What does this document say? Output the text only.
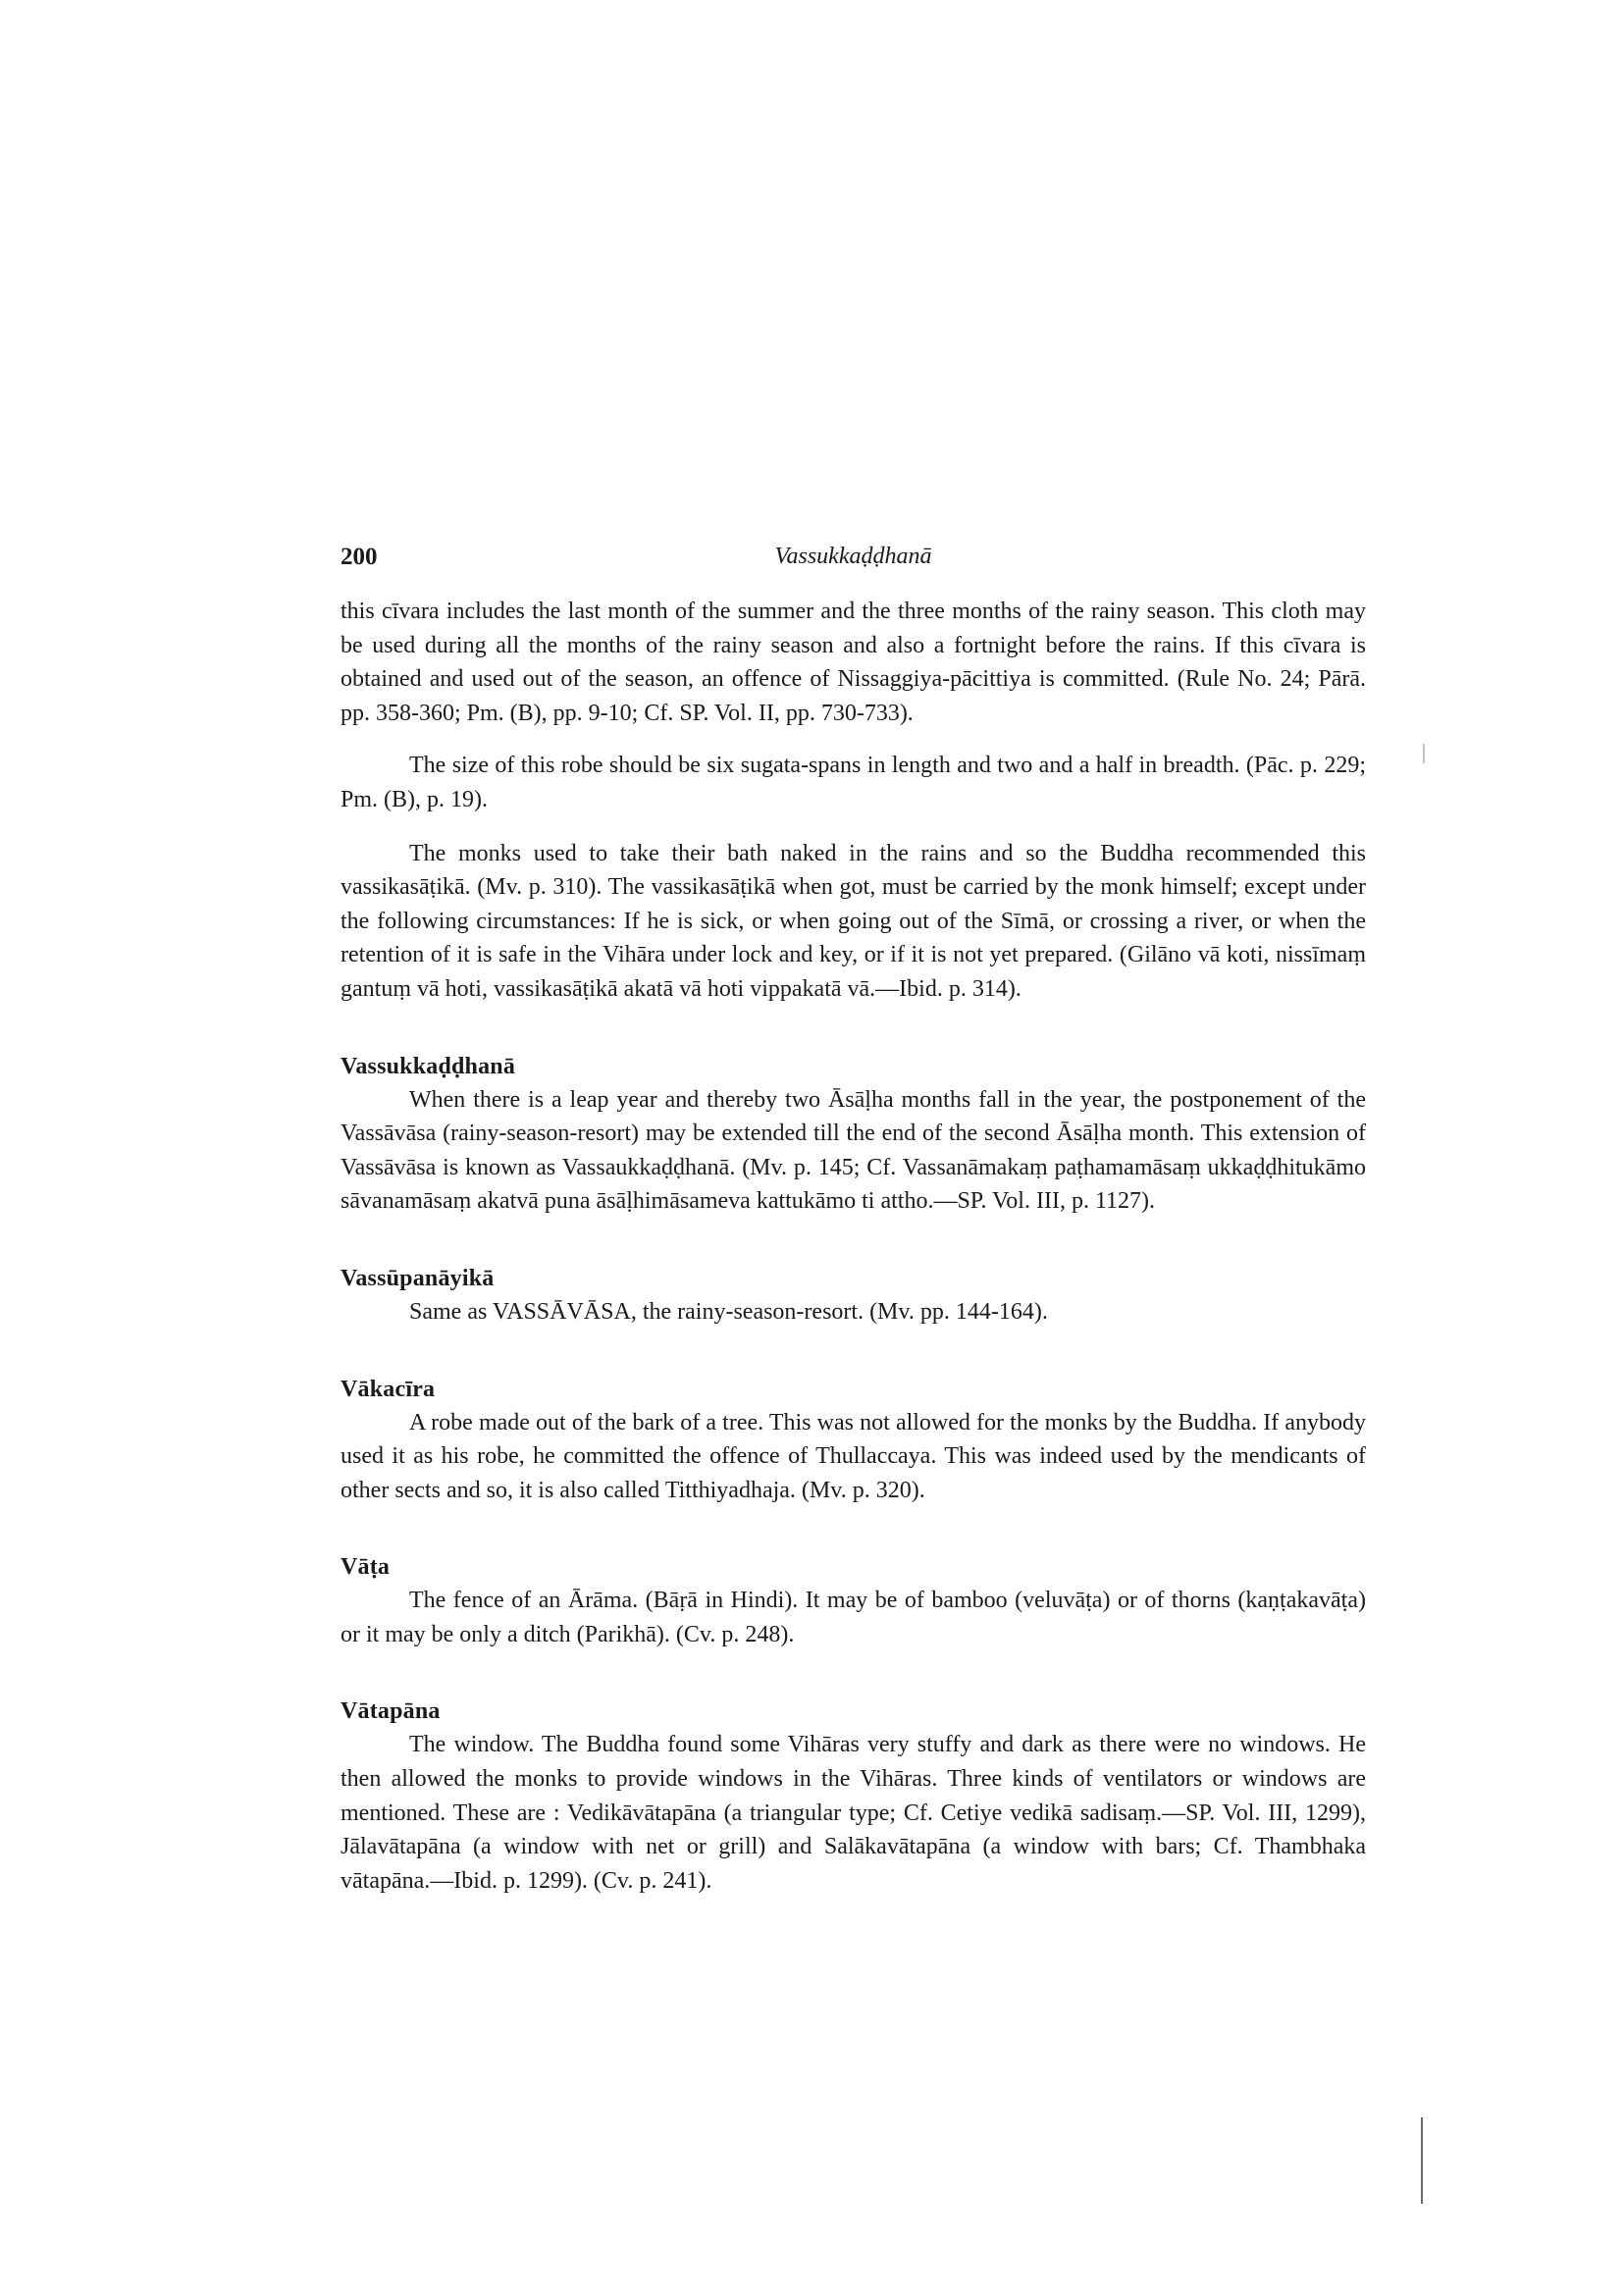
200	Vassukkaḍḍhanā

this cīvara includes the last month of the summer and the three months of the rainy season. This cloth may be used during all the months of the rainy season and also a fortnight before the rains. If this cīvara is obtained and used out of the season, an offence of Nissaggiya-pācittiya is committed. (Rule No. 24; Pārā. pp. 358-360; Pm. (B), pp. 9-10; Cf. SP. Vol. II, pp. 730-733).

The size of this robe should be six sugata-spans in length and two and a half in breadth. (Pāc. p. 229; Pm. (B), p. 19).

The monks used to take their bath naked in the rains and so the Buddha recommended this vassikasāṭikā. (Mv. p. 310). The vassikasāṭikā when got, must be carried by the monk himself; except under the following circumstances: If he is sick, or when going out of the Sīmā, or crossing a river, or when the retention of it is safe in the Vihāra under lock and key, or if it is not yet prepared. (Gilāno vā koti, nissīmaṃ gantuṃ vā hoti, vassikasāṭikā akatā vā hoti vippakatā vā.—Ibid. p. 314).

Vassukkaḍḍhanā

When there is a leap year and thereby two Āsāḷha months fall in the year, the postponement of the Vassāvāsa (rainy-season-resort) may be extended till the end of the second Āsāḷha month. This extension of Vassāvāsa is known as Vassaukkaḍḍhanā. (Mv. p. 145; Cf. Vassanāmakaṃ paṭhamamāsaṃ ukkaḍḍhitukāmo sāvanamāsaṃ akatvā puna āsāḷhimāsameva kattukāmo ti attho.—SP. Vol. III, p. 1127).

Vassūpanāyikā

Same as VASSĀVĀSA, the rainy-season-resort. (Mv. pp. 144-164).

Vākacīra

A robe made out of the bark of a tree. This was not allowed for the monks by the Buddha. If anybody used it as his robe, he committed the offence of Thullaccaya. This was indeed used by the mendicants of other sects and so, it is also called Titthiyadhaja. (Mv. p. 320).

Vāṭa

The fence of an Ārāma. (Bāṛā in Hindi). It may be of bamboo (veluvāṭa) or of thorns (kaṇṭakavāṭa) or it may be only a ditch (Parikhā). (Cv. p. 248).

Vātapāna

The window. The Buddha found some Vihāras very stuffy and dark as there were no windows. He then allowed the monks to provide windows in the Vihāras. Three kinds of ventilators or windows are mentioned. These are : Vedikāvātapāna (a triangular type; Cf. Cetiye vedikā sadisaṃ.—SP. Vol. III, 1299), Jālavātapāna (a window with net or grill) and Salākavātapāna (a window with bars; Cf. Thambhaka vātapāna.—Ibid. p. 1299). (Cv. p. 241).
